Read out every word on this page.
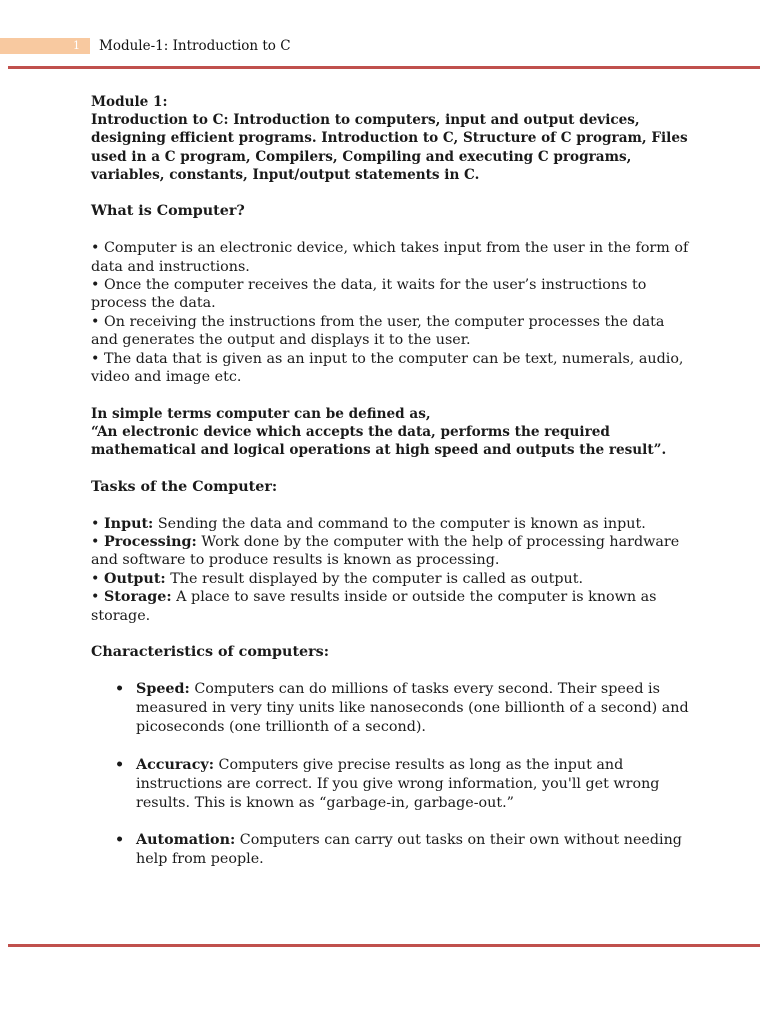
1	Module-1: Introduction to C

Module 1:

Introduction to C: Introduction to computers, input and output devices, designing efficient programs. Introduction to C, Structure of C program, Files used in a C program, Compilers, Compiling and executing C programs, variables, constants, Input/output statements in C.

What is Computer?

• Computer is an electronic device, which takes input from the user in the form of data and instructions.

• Once the computer receives the data, it waits for the user’s instructions to process the data.

• On receiving the instructions from the user, the computer processes the data and generates the output and displays it to the user.

• The data that is given as an input to the computer can be text, numerals, audio, video and image etc.

In simple terms computer can be defined as,

“An electronic device which accepts the data, performs the required mathematical and logical operations at high speed and outputs the result”.

Tasks of the Computer:

• Input: Sending the data and command to the computer is known as input.

• Processing: Work done by the computer with the help of processing hardware and software to produce results is known as processing.

• Output: The result displayed by the computer is called as output.

• Storage: A place to save results inside or outside the computer is known as storage.

Characteristics of computers:

• Speed: Computers can do millions of tasks every second. Their speed is measured in very tiny units like nanoseconds (one billionth of a second) and picoseconds (one trillionth of a second).
• Accuracy: Computers give precise results as long as the input and instructions are correct. If you give wrong information, you'll get wrong results. This is known as “garbage-in, garbage-out.”
• Automation: Computers can carry out tasks on their own without needing help from people.
